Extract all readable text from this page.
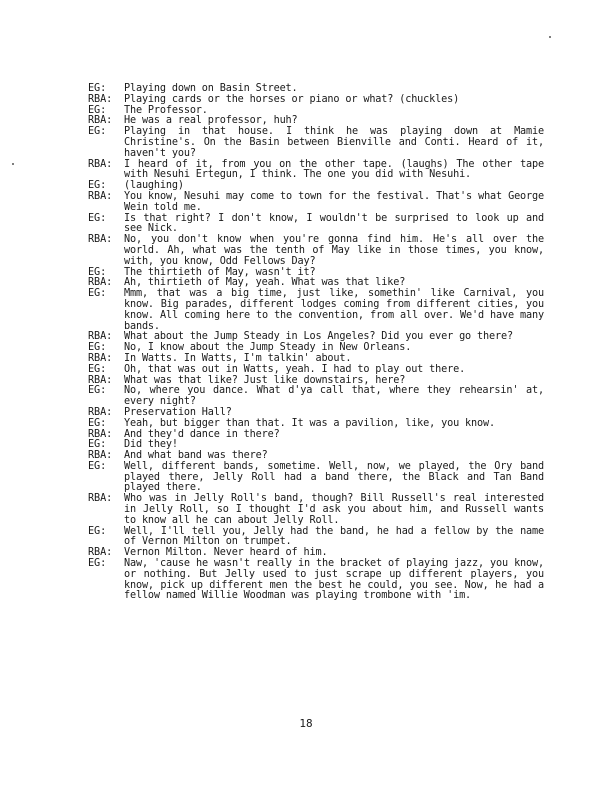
EG:	Playing down on Basin Street.
RBA:	Playing cards or the horses or piano or what? (chuckles)
EG:	The Professor.
RBA:	He was a real professor, huh?
EG:	Playing in that house. I think he was playing down at Mamie Christine's. On the Basin between Bienville and Conti. Heard of it, haven't you?
RBA:	I heard of it, from you on the other tape. (laughs) The other tape with Nesuhi Ertegun, I think. The one you did with Nesuhi.
EG:	(laughing)
RBA:	You know, Nesuhi may come to town for the festival. That's what George Wein told me.
EG:	Is that right? I don't know, I wouldn't be surprised to look up and see Nick.
RBA:	No, you don't know when you're gonna find him. He's all over the world. Ah, what was the tenth of May like in those times, you know, with, you know, Odd Fellows Day?
EG:	The thirtieth of May, wasn't it?
RBA:	Ah, thirtieth of May, yeah. What was that like?
EG:	Mmm, that was a big time, just like, somethin' like Carnival, you know. Big parades, different lodges coming from different cities, you know. All coming here to the convention, from all over. We'd have many bands.
RBA:	What about the Jump Steady in Los Angeles? Did you ever go there?
EG:	No, I know about the Jump Steady in New Orleans.
RBA:	In Watts. In Watts, I'm talkin' about.
EG:	Oh, that was out in Watts, yeah. I had to play out there.
RBA:	What was that like? Just like downstairs, here?
EG:	No, where you dance. What d'ya call that, where they rehearsin' at, every night?
RBA:	Preservation Hall?
EG:	Yeah, but bigger than that. It was a pavilion, like, you know.
RBA:	And they'd dance in there?
EG:	Did they!
RBA:	And what band was there?
EG:	Well, different bands, sometime. Well, now, we played, the Ory band played there, Jelly Roll had a band there, the Black and Tan Band played there.
RBA:	Who was in Jelly Roll's band, though? Bill Russell's real interested in Jelly Roll, so I thought I'd ask you about him, and Russell wants to know all he can about Jelly Roll.
EG:	Well, I'll tell you, Jelly had the band, he had a fellow by the name of Vernon Milton on trumpet.
RBA:	Vernon Milton. Never heard of him.
EG:	Naw, 'cause he wasn't really in the bracket of playing jazz, you know, or nothing. But Jelly used to just scrape up different players, you know, pick up different men the best he could, you see. Now, he had a fellow named Willie Woodman was playing trombone with 'im.
18
